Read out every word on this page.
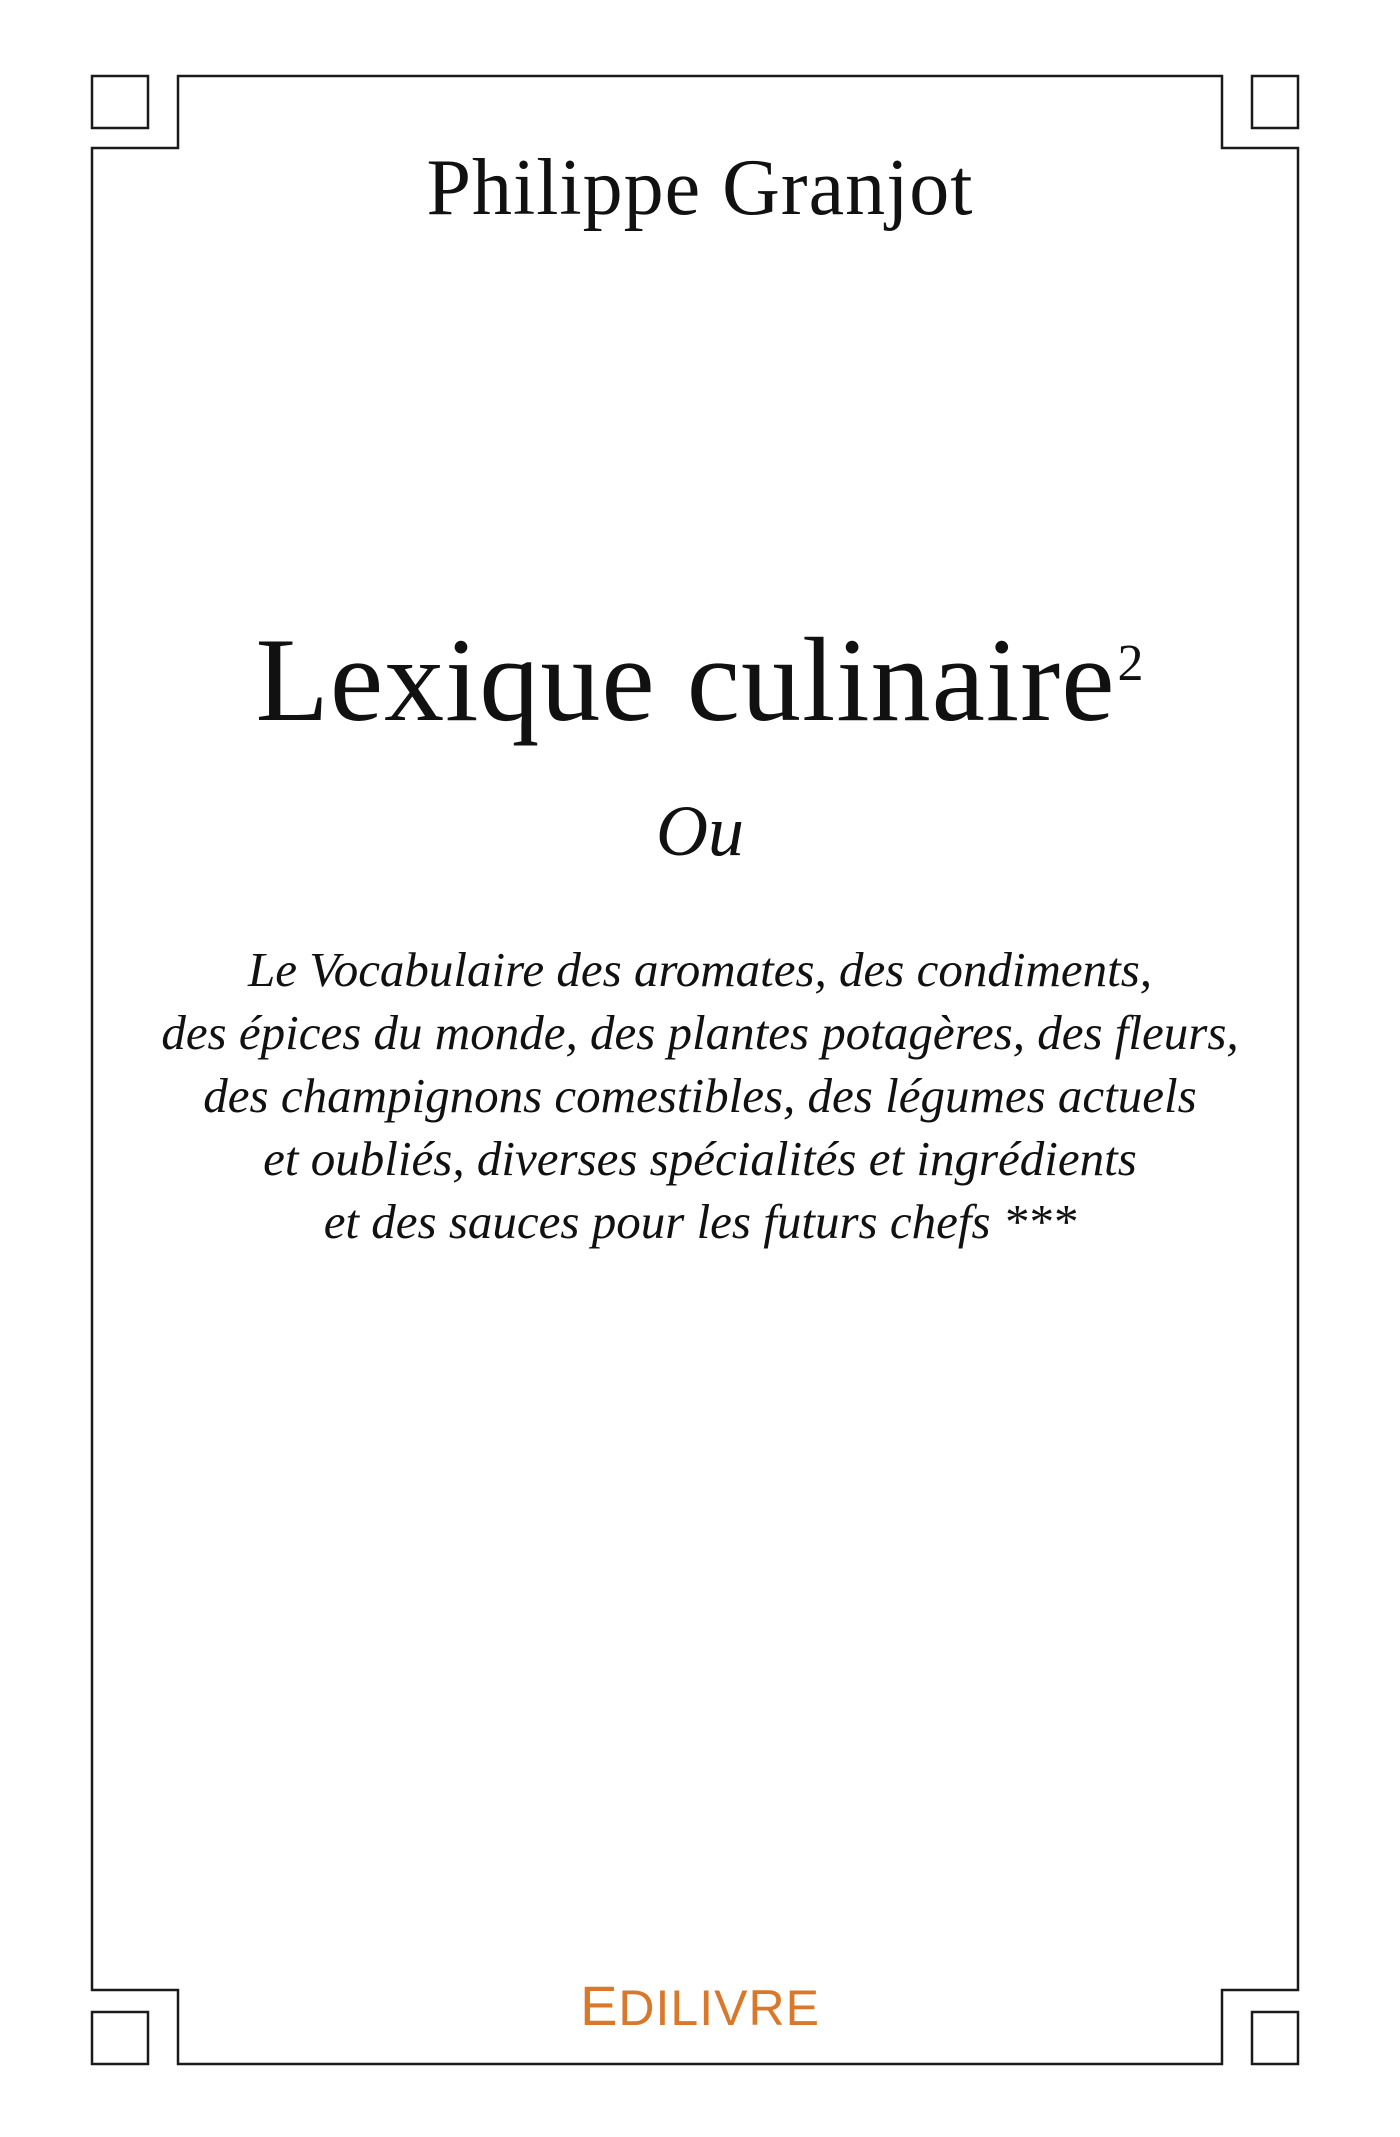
Philippe Granjot
Lexique culinaire$^2$
Ou
Le Vocabulaire des aromates, des condiments,
des épices du monde, des plantes potagères, des fleurs,
des champignons comestibles, des légumes actuels
et oubliés, diverses spécialités et ingrédients
et des sauces pour les futurs chefs ***
EDILIVRE
